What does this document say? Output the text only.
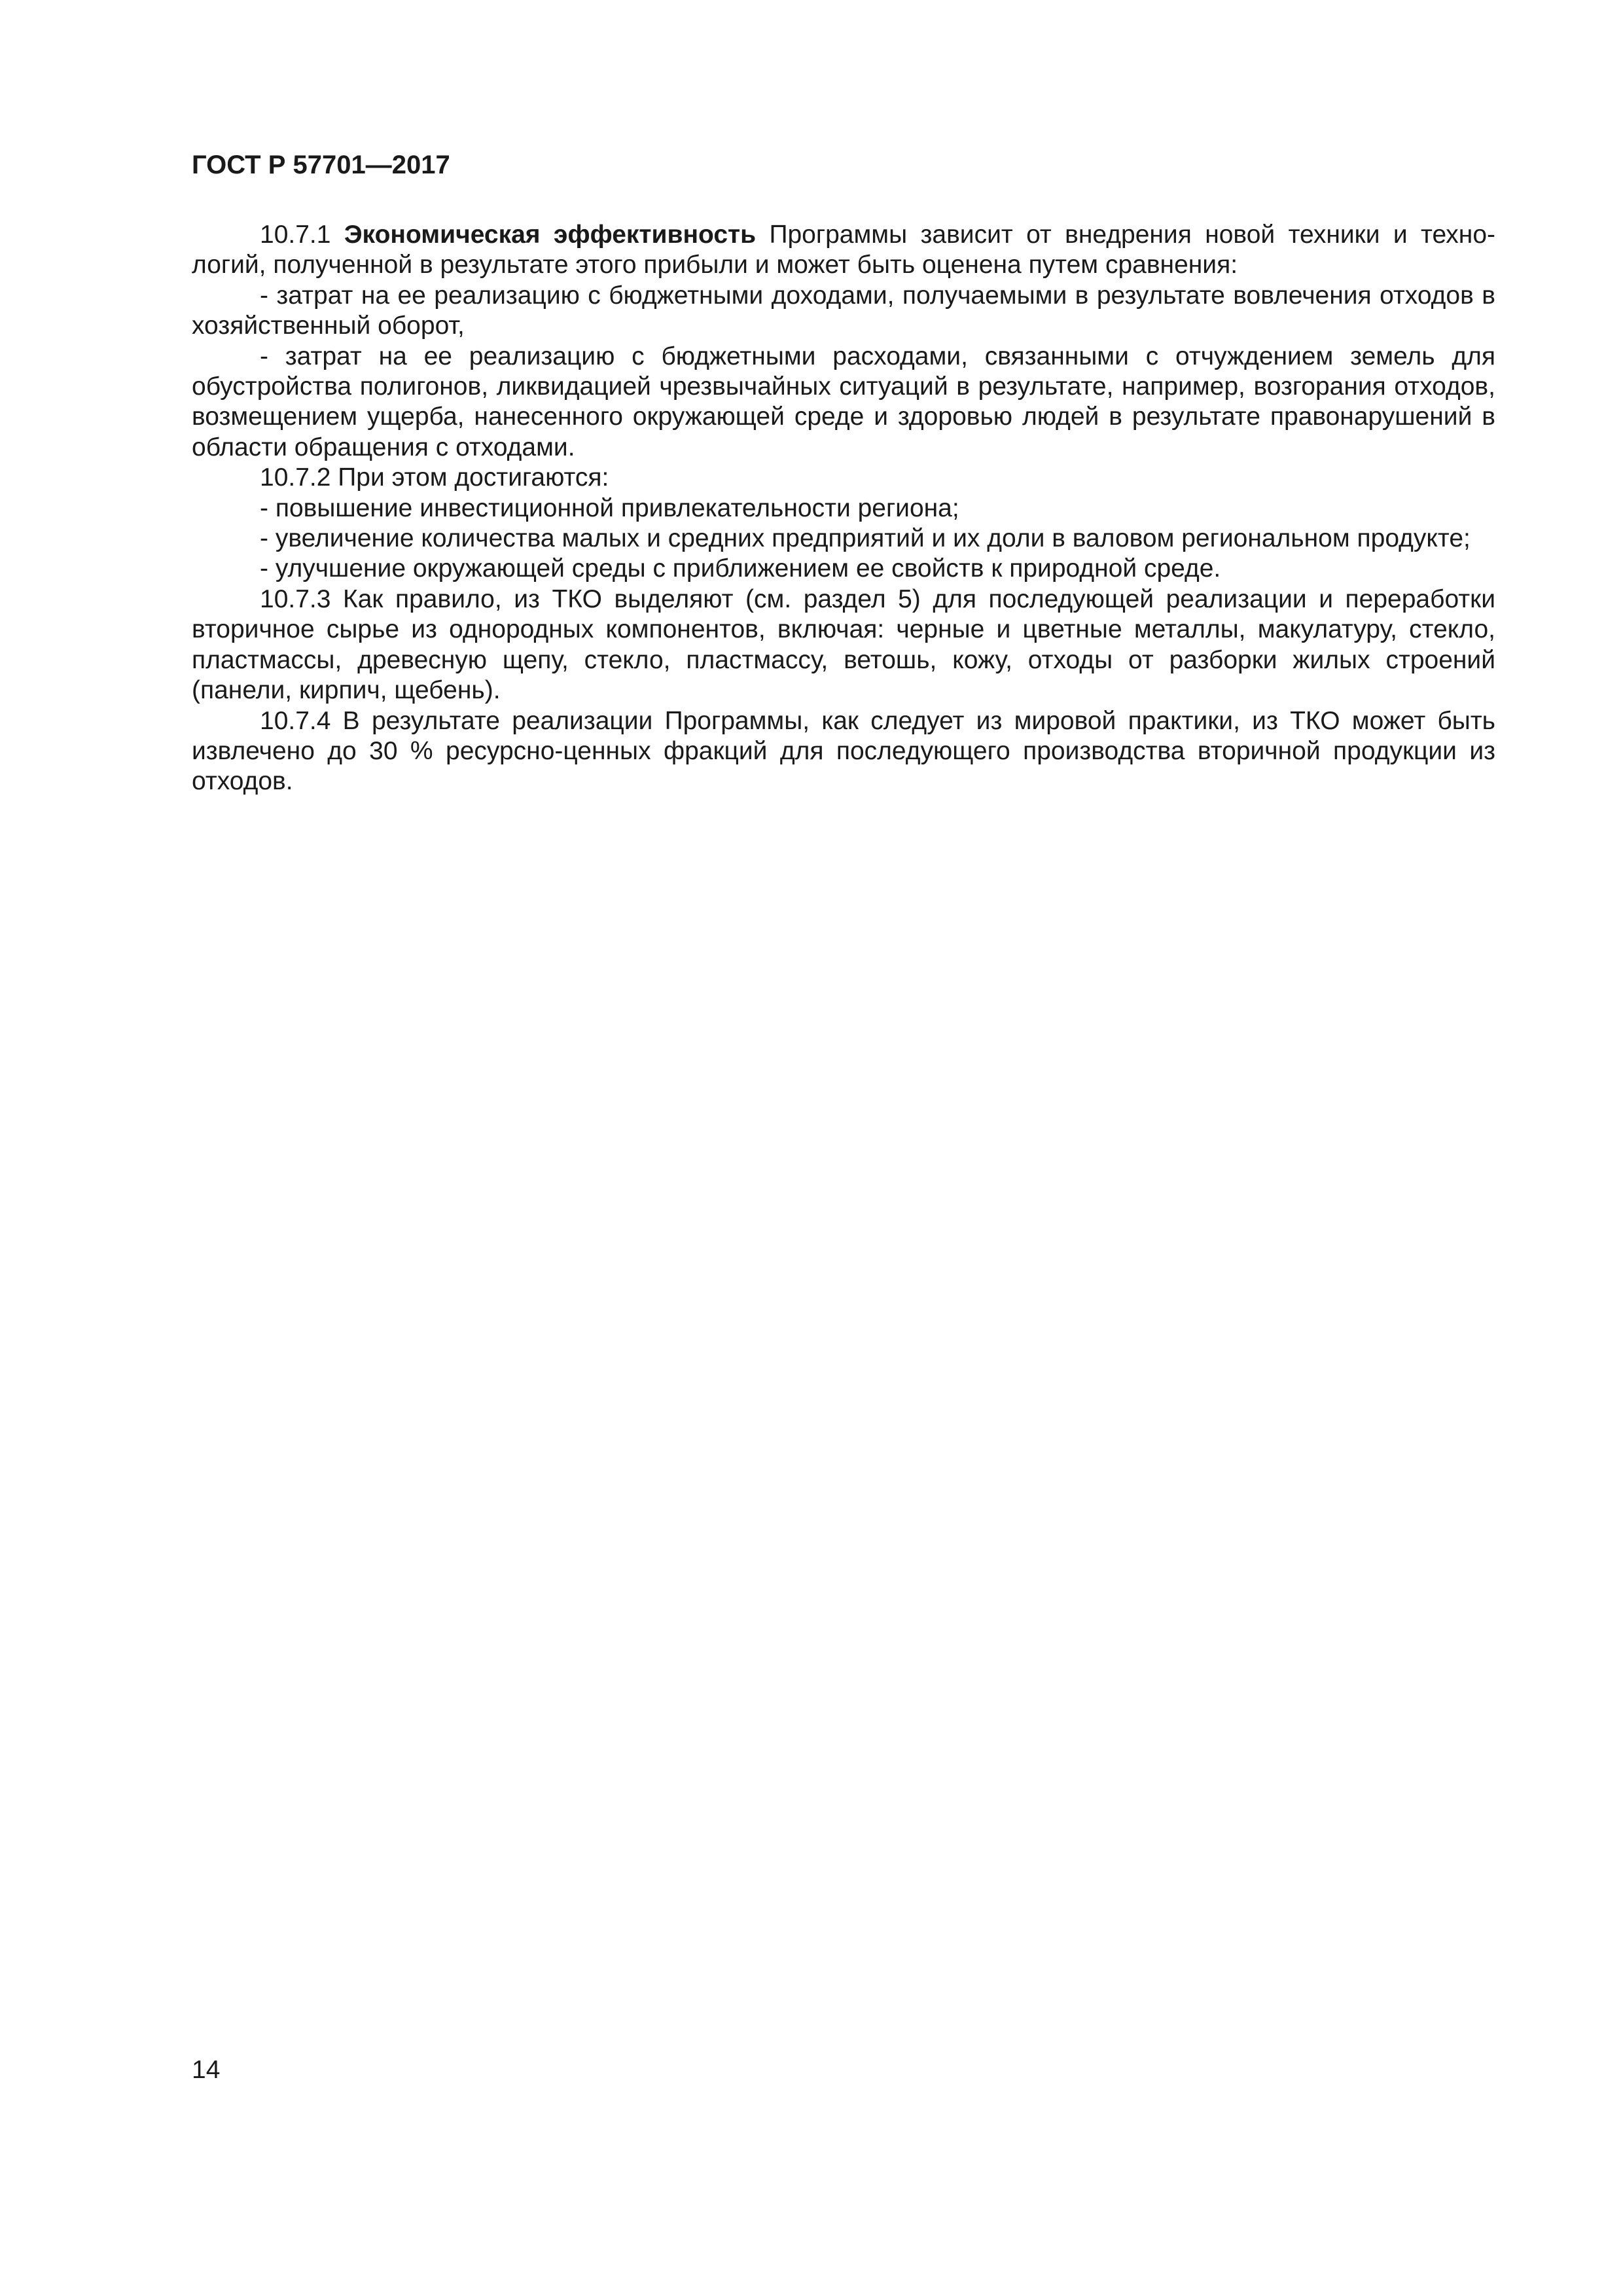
ГОСТ Р 57701—2017

10.7.1 Экономическая эффективность Программы зависит от внедрения новой техники и технологий, полученной в результате этого прибыли и может быть оценена путем сравнения:

- затрат на ее реализацию с бюджетными доходами, получаемыми в результате вовлечения отходов в хозяйственный оборот,

- затрат на ее реализацию с бюджетными расходами, связанными с отчуждением земель для обустройства полигонов, ликвидацией чрезвычайных ситуаций в результате, например, возгорания отходов, возмещением ущерба, нанесенного окружающей среде и здоровью людей в результате правонарушений в области обращения с отходами.

10.7.2 При этом достигаются:

- повышение инвестиционной привлекательности региона;

- увеличение количества малых и средних предприятий и их доли в валовом региональном продукте;

- улучшение окружающей среды с приближением ее свойств к природной среде.

10.7.3 Как правило, из ТКО выделяют (см. раздел 5) для последующей реализации и переработки вторичное сырье из однородных компонентов, включая: черные и цветные металлы, макулатуру, стекло, пластмассы, древесную щепу, стекло, пластмассу, ветошь, кожу, отходы от разборки жилых строений (панели, кирпич, щебень).

10.7.4 В результате реализации Программы, как следует из мировой практики, из ТКО может быть извлечено до 30 % ресурсно-ценных фракций для последующего производства вторичной продукции из отходов.

14
